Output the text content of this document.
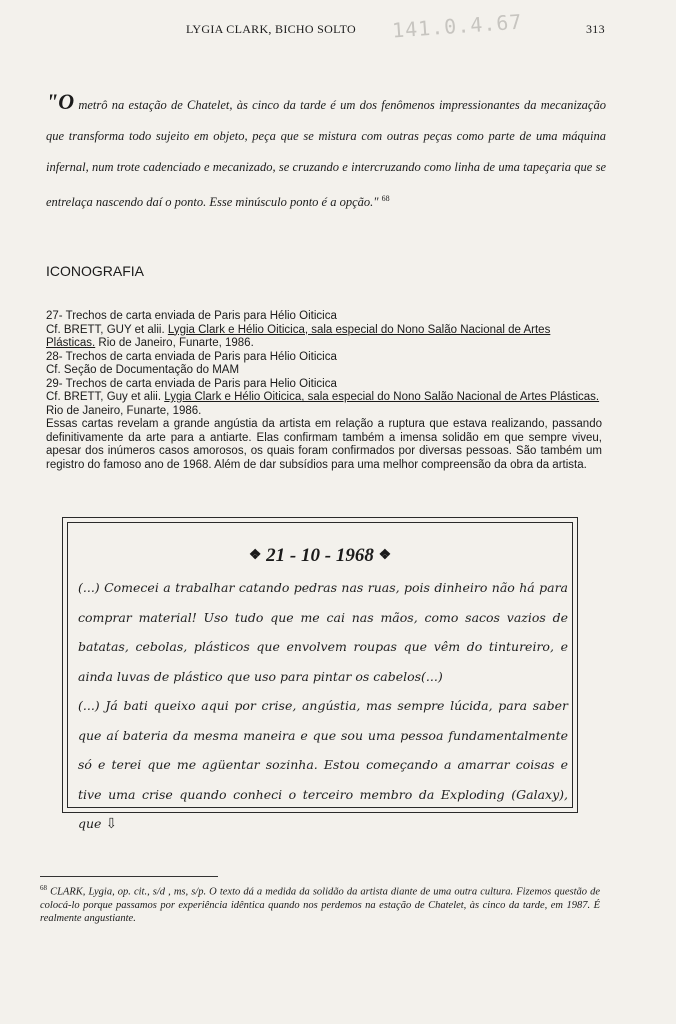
LYGIA CLARK, BICHO SOLTO 141.0.4.67	313
"O metrô na estação de Chatelet, às cinco da tarde é um dos fenômenos impressionantes da mecanização que transforma todo sujeito em objeto, peça que se mistura com outras peças como parte de uma máquina infernal, num trote cadenciado e mecanizado, se cruzando e intercruzando como linha de uma tapeçaria que se entrelaça nascendo daí o ponto. Esse minúsculo ponto é a opção." $^{68}$
ICONOGRAFIA

27- Trechos de carta enviada de Paris para Hélio Oiticica

Cf. BRETT, GUY et alii. Lygia Clark e Hélio Oiticica, sala especial do Nono Salão Nacional de Artes Plásticas. Rio de Janeiro, Funarte, 1986.

28- Trechos de carta enviada de Paris para Hélio Oiticica

Cf. Seção de Documentação do MAM

29- Trechos de carta enviada de Paris para Helio Oiticica

Cf. BRETT, Guy et alii. Lygia Clark e Hélio Oiticica, sala especial do Nono Salão Nacional de Artes Plásticas. Rio de Janeiro, Funarte, 1986.

Essas cartas revelam a grande angústia da artista em relação a ruptura que estava realizando, passando definitivamente da arte para a antiarte. Elas confirmam também a imensa solidão em que sempre viveu, apesar dos inúmeros casos amorosos, os quais foram confirmados por diversas pessoas. São também um registro do famoso ano de 1968. Além de dar subsídios para uma melhor compreensão da obra da artista.

❖ 21 - 10 - 1968 ❖

(...) Comecei a trabalhar catando pedras nas ruas, pois dinheiro não há para comprar material! Uso tudo que me cai nas mãos, como sacos vazios de batatas, cebolas, plásticos que envolvem roupas que vêm do tintureiro, e ainda luvas de plástico que uso para pintar os cabelos(...)

(...) Já bati queixo aqui por crise, angústia, mas sempre lúcida, para saber que aí bateria da mesma maneira e que sou uma pessoa fundamentalmente só e terei que me agüentar sozinha. Estou começando a amarrar coisas e tive uma crise quando conheci o terceiro membro da Exploding (Galaxy), que ⇩

$^{68}$ CLARK, Lygia, op. cit., s/d , ms, s/p. O texto dá a medida da solidão da artista diante de uma outra cultura. Fizemos questão de colocá-lo porque passamos por experiência idêntica quando nos perdemos na estação de Chatelet, às cinco da tarde, em 1987. É realmente angustiante.
